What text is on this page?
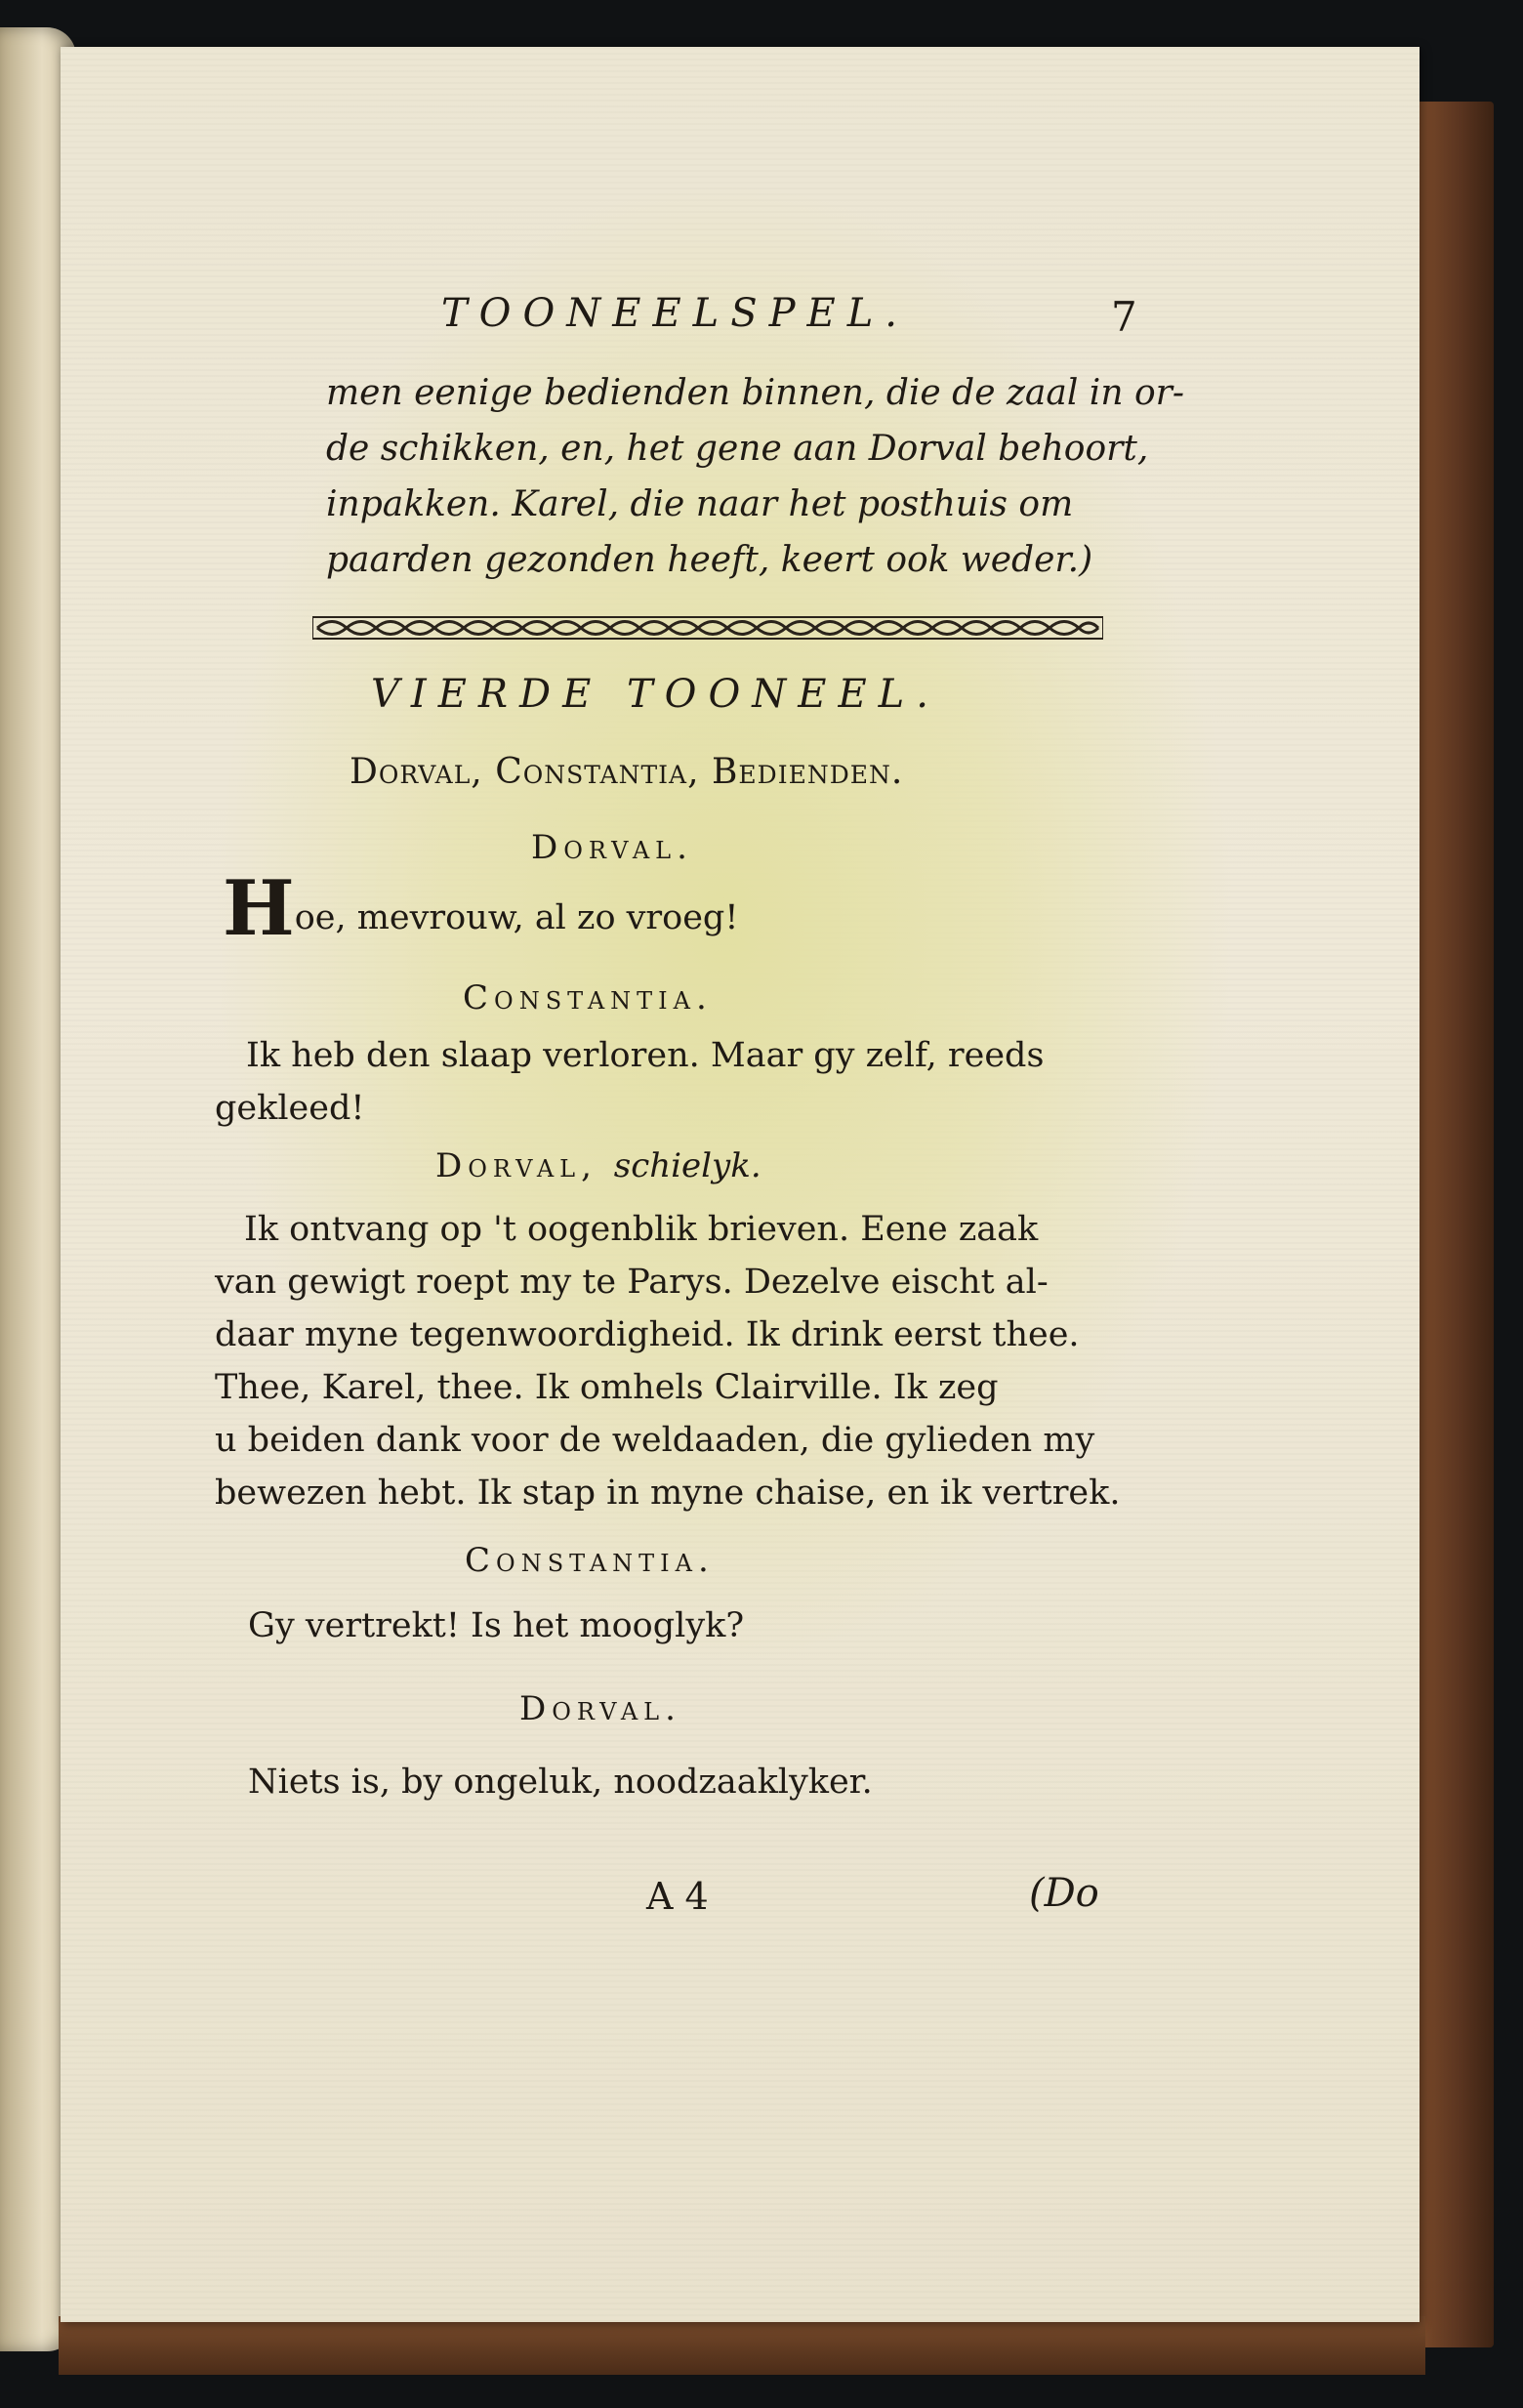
TOONEELSPEL.	7
men eenige bedienden binnen, die de zaal in or-
de schikken, en, het gene aan Dorval behoort,
inpakken. Karel, die naar het posthuis om
paarden gezonden heeft, keert ook weder.)
VIERDE TOONEEL.
Dorval, Constantia, Bedienden.
Dorval.
Hoe, mevrouw, al zo vroeg!
Constantia.
Ik heb den slaap verloren. Maar gy zelf, reeds
gekleed!
Dorval, schielyk.
Ik ontvang op 't oogenblik brieven. Eene zaak
van gewigt roept my te Parys. Dezelve eischt al-
daar myne tegenwoordigheid. Ik drink eerst thee.
Thee, Karel, thee. Ik omhels Clairville. Ik zeg
u beiden dank voor de weldaaden, die gylieden my
bewezen hebt. Ik stap in myne chaise, en ik vertrek.
Constantia.
Gy vertrekt! Is het mooglyk?
Dorval.
Niets is, by ongeluk, noodzaaklyker.
A 4	(Do
